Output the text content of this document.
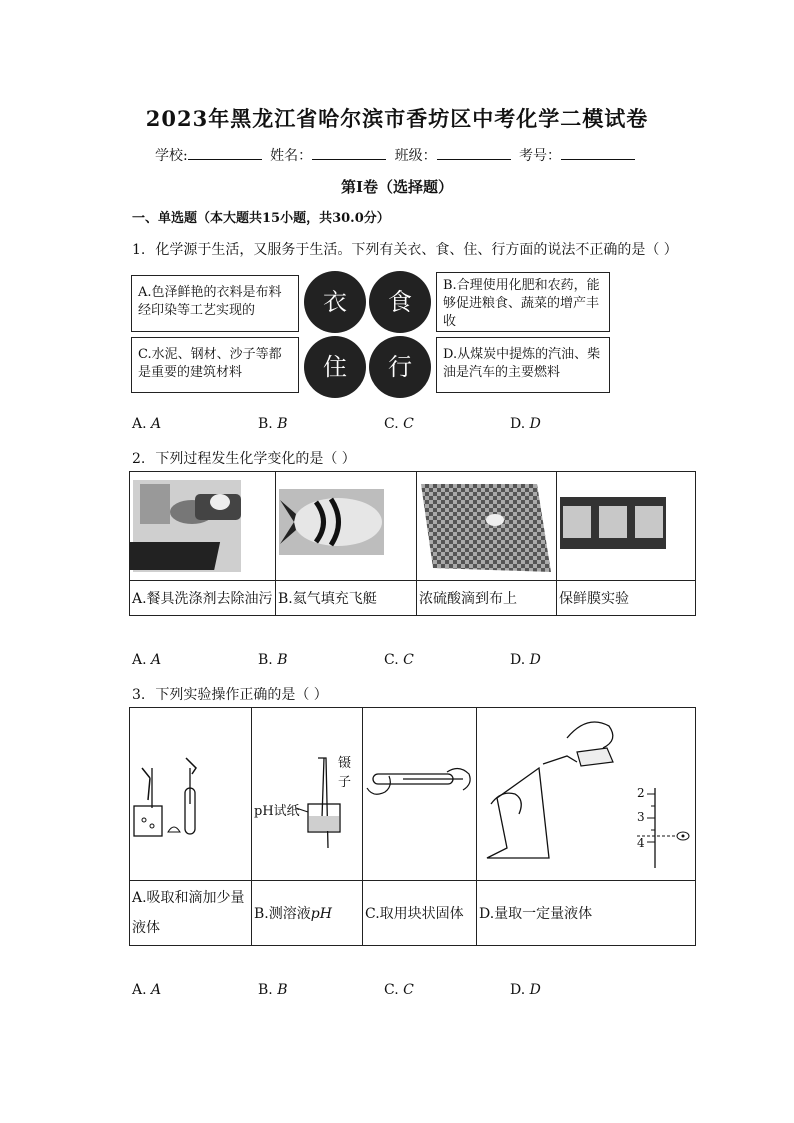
2023年黑龙江省哈尔滨市香坊区中考化学二模试卷
学校:	姓名：	班级：	考号：
第I卷（选择题）
一、单选题（本大题共15小题，共30.0分）
1. 化学源于生活，又服务于生活。下列有关衣、食、住、行方面的说法不正确的是（ ）
A.色泽鲜艳的衣料是布料经印染等工艺实现的
B.合理使用化肥和农药，能够促进粮食、蔬菜的增产丰收
C.水泥、钢材、沙子等都是重要的建筑材料
D.从煤炭中提炼的汽油、柴油是汽车的主要燃料
衣	食
住	行
A. A	B. B	C. C	D. D
2. 下列过程发生化学变化的是（ ）

A.餐具洗涤剂去除油污	B.氦气填充飞艇	浓硫酸滴到布上	保鲜膜实验
A. A	B. B	C. C	D. D
3. 下列实验操作正确的是（ ）

镊子
pH试纸		2
3
4

A.吸取和滴加少量液体	B.测溶液pH	C.取用块状固体	D.量取一定量液体
A. A	B. B	C. C	D. D
